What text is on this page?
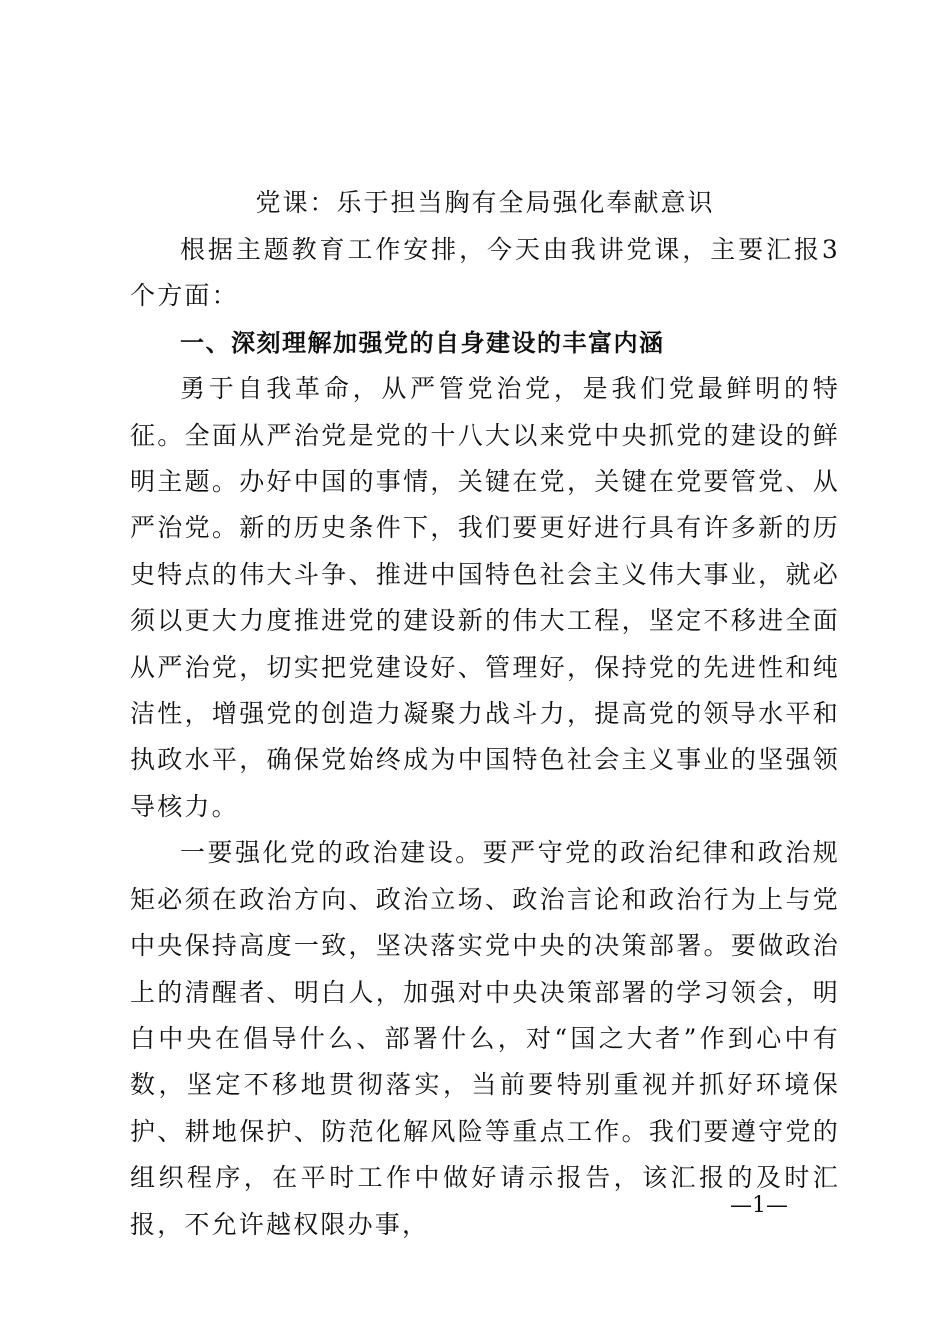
党课：乐于担当胸有全局强化奉献意识

根据主题教育工作安排，今天由我讲党课，主要汇报3个方面：

一、深刻理解加强党的自身建设的丰富内涵

勇于自我革命，从严管党治党，是我们党最鲜明的特征。全面从严治党是党的十八大以来党中央抓党的建设的鲜明主题。办好中国的事情，关键在党，关键在党要管党、从严治党。新的历史条件下，我们要更好进行具有许多新的历史特点的伟大斗争、推进中国特色社会主义伟大事业，就必须以更大力度推进党的建设新的伟大工程，坚定不移进全面从严治党，切实把党建设好、管理好，保持党的先进性和纯洁性，增强党的创造力凝聚力战斗力，提高党的领导水平和执政水平，确保党始终成为中国特色社会主义事业的坚强领导核力。

一要强化党的政治建设。要严守党的政治纪律和政治规矩必须在政治方向、政治立场、政治言论和政治行为上与党中央保持高度一致，坚决落实党中央的决策部署。要做政治上的清醒者、明白人，加强对中央决策部署的学习领会，明白中央在倡导什么、部署什么，对“国之大者”作到心中有数，坚定不移地贯彻落实，当前要特别重视并抓好环境保护、耕地保护、防范化解风险等重点工作。我们要遵守党的组织程序，在平时工作中做好请示报告，该汇报的及时汇报，不允许越权限办事，

—1—
